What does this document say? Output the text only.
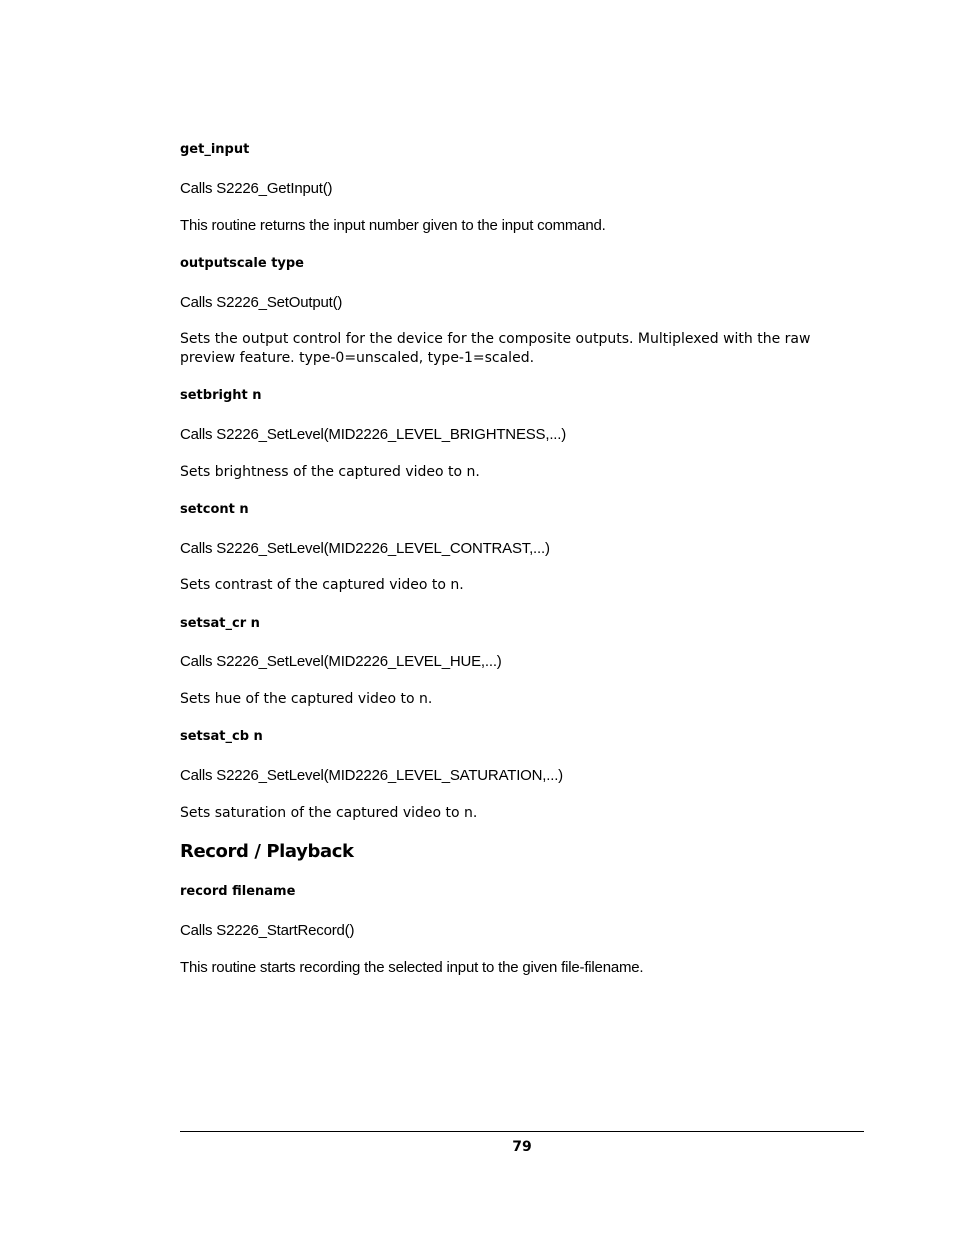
get_input
Calls S2226_GetInput()
This routine returns the input number given to the input command.
outputscale type
Calls S2226_SetOutput()
Sets the output control for the device for the composite outputs. Multiplexed with the raw preview feature. type-0=unscaled, type-1=scaled.
setbright n
Calls S2226_SetLevel(MID2226_LEVEL_BRIGHTNESS,...)
Sets brightness of the captured video to n.
setcont n
Calls S2226_SetLevel(MID2226_LEVEL_CONTRAST,...)
Sets contrast of the captured video to n.
setsat_cr n
Calls S2226_SetLevel(MID2226_LEVEL_HUE,...)
Sets hue of the captured video to n.
setsat_cb n
Calls S2226_SetLevel(MID2226_LEVEL_SATURATION,...)
Sets saturation of the captured video to n.
Record / Playback
record filename
Calls S2226_StartRecord()
This routine starts recording the selected input to the given file-filename.
79
